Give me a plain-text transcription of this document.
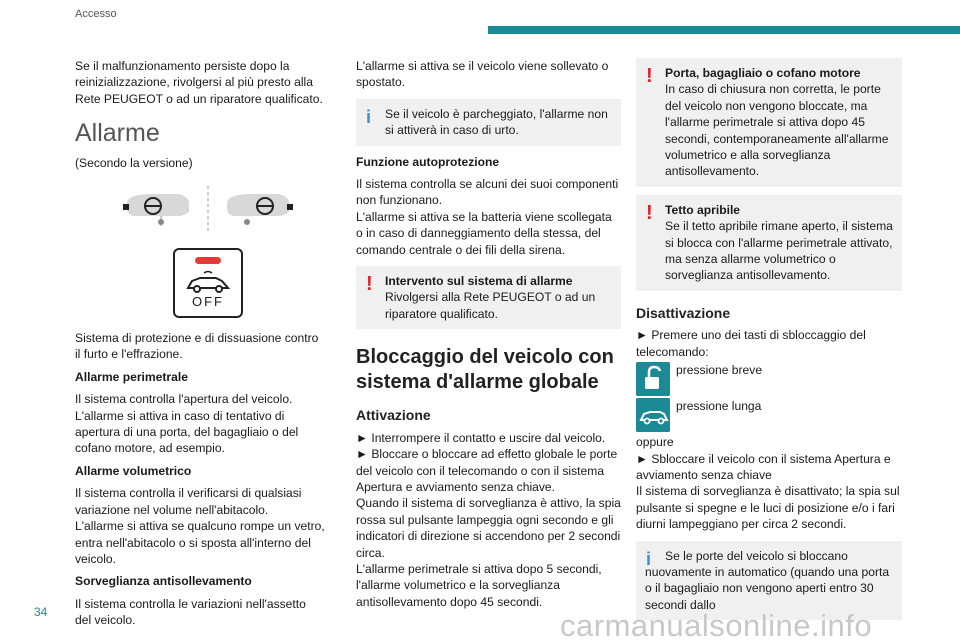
Accesso

Se il malfunzionamento persiste dopo la reinizializzazione, rivolgersi al più presto alla Rete PEUGEOT o ad un riparatore qualificato.

Allarme

(Secondo la versione)

OFF

Sistema di protezione e di dissuasione contro il furto e l'effrazione.

Allarme perimetrale

Il sistema controlla l'apertura del veicolo.

L'allarme si attiva in caso di tentativo di apertura di una porta, del bagagliaio o del cofano motore, ad esempio.

Allarme volumetrico

Il sistema controlla il verificarsi di qualsiasi variazione nel volume nell'abitacolo.

L'allarme si attiva se qualcuno rompe un vetro, entra nell'abitacolo o si sposta all'interno del veicolo.

Sorveglianza antisollevamento

Il sistema controlla le variazioni nell'assetto del veicolo.

L'allarme si attiva se il veicolo viene sollevato o spostato.

i	Se il veicolo è parcheggiato, l'allarme non si attiverà in caso di urto.

Funzione autoprotezione

Il sistema controlla se alcuni dei suoi componenti non funzionano.

L'allarme si attiva se la batteria viene scollegata o in caso di danneggiamento della stessa, del comando centrale o dei fili della sirena.

!	Intervento sul sistema di allarme

Rivolgersi alla Rete PEUGEOT o ad un riparatore qualificato.

Bloccaggio del veicolo con sistema d'allarme globale
Attivazione

► Interrompere il contatto e uscire dal veicolo.

► Bloccare o bloccare ad effetto globale le porte del veicolo con il telecomando o con il sistema Apertura e avviamento senza chiave.

Quando il sistema di sorveglianza è attivo, la spia rossa sul pulsante lampeggia ogni secondo e gli indicatori di direzione si accendono per 2 secondi circa.

L'allarme perimetrale si attiva dopo 5 secondi, l'allarme volumetrico e la sorveglianza antisollevamento dopo 45 secondi.

!	Porta, bagagliaio o cofano motore

In caso di chiusura non corretta, le porte del veicolo non vengono bloccate, ma l'allarme perimetrale si attiva dopo 45 secondi, contemporaneamente all'allarme volumetrico e alla sorveglianza antisollevamento.

!	Tetto apribile

Se il tetto apribile rimane aperto, il sistema si blocca con l'allarme perimetrale attivato, ma senza allarme volumetrico o sorveglianza antisollevamento.

Disattivazione

► Premere uno dei tasti di sbloccaggio del telecomando:

pressione breve
pressione lunga

oppure

► Sbloccare il veicolo con il sistema Apertura e avviamento senza chiave

Il sistema di sorveglianza è disattivato; la spia sul pulsante si spegne e le luci di posizione e/o i fari diurni lampeggiano per circa 2 secondi.

i	Se le porte del veicolo si bloccano nuovamente in automatico (quando una porta o il bagagliaio non vengono aperti entro 30 secondi dallo

34	carmanualsonline.info
